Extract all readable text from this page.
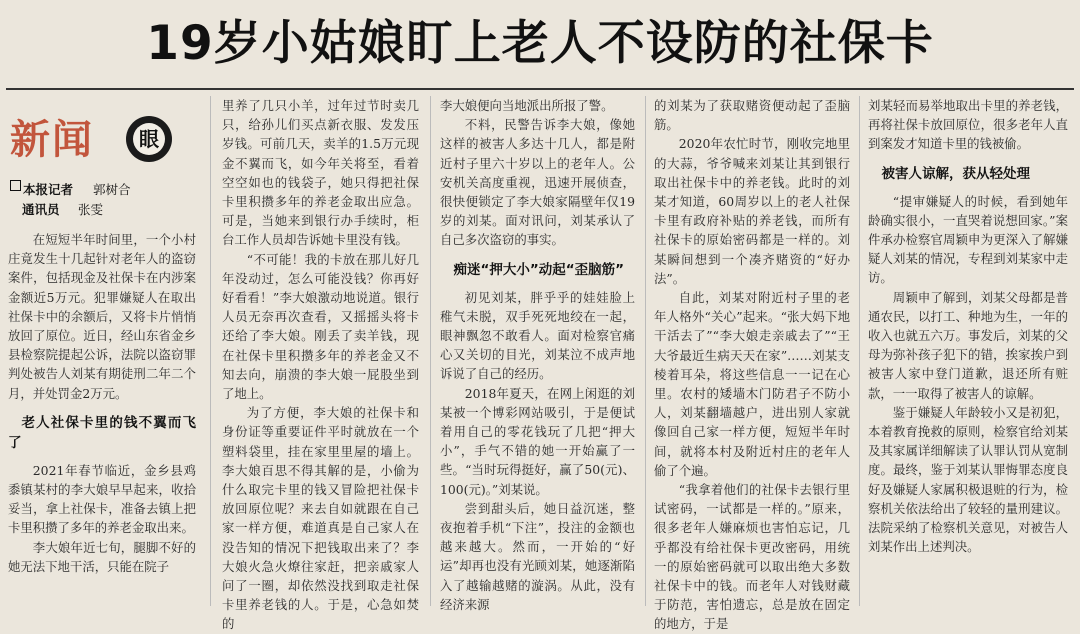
19岁小姑娘盯上老人不设防的社保卡
新闻	眼
本报记者	郭树合
通讯员	张雯

在短短半年时间里，一个小村庄竟发生十几起针对老年人的盗窃案件，包括现金及社保卡在内涉案金额近5万元。犯罪嫌疑人在取出社保卡中的余额后，又将卡片悄悄放回了原位。近日，经山东省金乡县检察院提起公诉，法院以盗窃罪判处被告人刘某有期徒刑二年二个月，并处罚金2万元。

老人社保卡里的钱不翼而飞了

2021年春节临近，金乡县鸡黍镇某村的李大娘早早起来，收拾妥当，拿上社保卡，准备去镇上把卡里积攒了多年的养老金取出来。

李大娘年近七旬，腿脚不好的她无法下地干活，只能在院子

里养了几只小羊，过年过节时卖几只，给孙儿们买点新衣服、发发压岁钱。可前几天，卖羊的1.5万元现金不翼而飞，如今年关将至，看着空空如也的钱袋子，她只得把社保卡里积攒多年的养老金取出应急。可是，当她来到银行办手续时，柜台工作人员却告诉她卡里没有钱。

“不可能！我的卡放在那儿好几年没动过，怎么可能没钱？你再好好看看！”李大娘激动地说道。银行人员无奈再次查看，又摇摇头将卡还给了李大娘。刚丢了卖羊钱，现在社保卡里积攒多年的养老金又不知去向，崩溃的李大娘一屁股坐到了地上。

为了方便，李大娘的社保卡和身份证等重要证件平时就放在一个塑料袋里，挂在家里里屋的墙上。李大娘百思不得其解的是，小偷为什么取完卡里的钱又冒险把社保卡放回原位呢？来去自如就跟在自己家一样方便，难道真是自己家人在没告知的情况下把钱取出来了？李大娘火急火燎往家赶，把亲戚家人问了一圈，却依然没找到取走社保卡里养老钱的人。于是，心急如焚的

李大娘便向当地派出所报了警。

不料，民警告诉李大娘，像她这样的被害人多达十几人，都是附近村子里六十岁以上的老年人。公安机关高度重视，迅速开展侦查，很快便锁定了李大娘家隔壁年仅19岁的刘某。面对讯问，刘某承认了自己多次盗窃的事实。

痴迷“押大小”动起“歪脑筋”

初见刘某，胖乎乎的娃娃脸上稚气未脱，双手死死地绞在一起，眼神飘忽不敢看人。面对检察官痛心又关切的目光，刘某泣不成声地诉说了自己的经历。

2018年夏天，在网上闲逛的刘某被一个博彩网站吸引，于是便试着用自己的零花钱玩了几把“押大小”，手气不错的她一开始赢了一些。“当时玩得挺好，赢了50(元)、100(元)。”刘某说。

尝到甜头后，她日益沉迷，整夜抱着手机“下注”，投注的金额也越来越大。然而，一开始的“好运”却再也没有光顾刘某，她逐渐陷入了越输越赌的漩涡。从此，没有经济来源

的刘某为了获取赌资便动起了歪脑筋。

2020年农忙时节，刚收完地里的大蒜，爷爷喊来刘某让其到银行取出社保卡中的养老钱。此时的刘某才知道，60周岁以上的老人社保卡里有政府补贴的养老钱，而所有社保卡的原始密码都是一样的。刘某瞬间想到一个凑齐赌资的“好办法”。

自此，刘某对附近村子里的老年人格外“关心”起来。“张大妈下地干活去了”“李大娘走亲戚去了”“王大爷最近生病天天在家”……刘某支棱着耳朵，将这些信息一一记在心里。农村的矮墙木门防君子不防小人，刘某翻墙越户，进出别人家就像回自己家一样方便，短短半年时间，就将本村及附近村庄的老年人偷了个遍。

“我拿着他们的社保卡去银行里试密码，一试都是一样的。”原来，很多老年人嫌麻烦也害怕忘记，几乎都没有给社保卡更改密码，用统一的原始密码就可以取出绝大多数社保卡中的钱。而老年人对钱财藏于防范，害怕遗忘，总是放在固定的地方，于是

刘某轻而易举地取出卡里的养老钱，再将社保卡放回原位，很多老年人直到案发才知道卡里的钱被偷。

被害人谅解，获从轻处理

“提审嫌疑人的时候，看到她年龄确实很小，一直哭着说想回家。”案件承办检察官周颖申为更深入了解嫌疑人刘某的情况，专程到刘某家中走访。

周颖申了解到，刘某父母都是普通农民，以打工、种地为生，一年的收入也就五六万。事发后，刘某的父母为弥补孩子犯下的错，挨家挨户到被害人家中登门道歉，退还所有赃款，一一取得了被害人的谅解。

鉴于嫌疑人年龄较小又是初犯，本着教育挽救的原则，检察官给刘某及其家属详细解读了认罪认罚从宽制度。最终，鉴于刘某认罪悔罪态度良好及嫌疑人家属积极退赃的行为，检察机关依法给出了较轻的量刑建议。法院采纳了检察机关意见，对被告人刘某作出上述判决。
